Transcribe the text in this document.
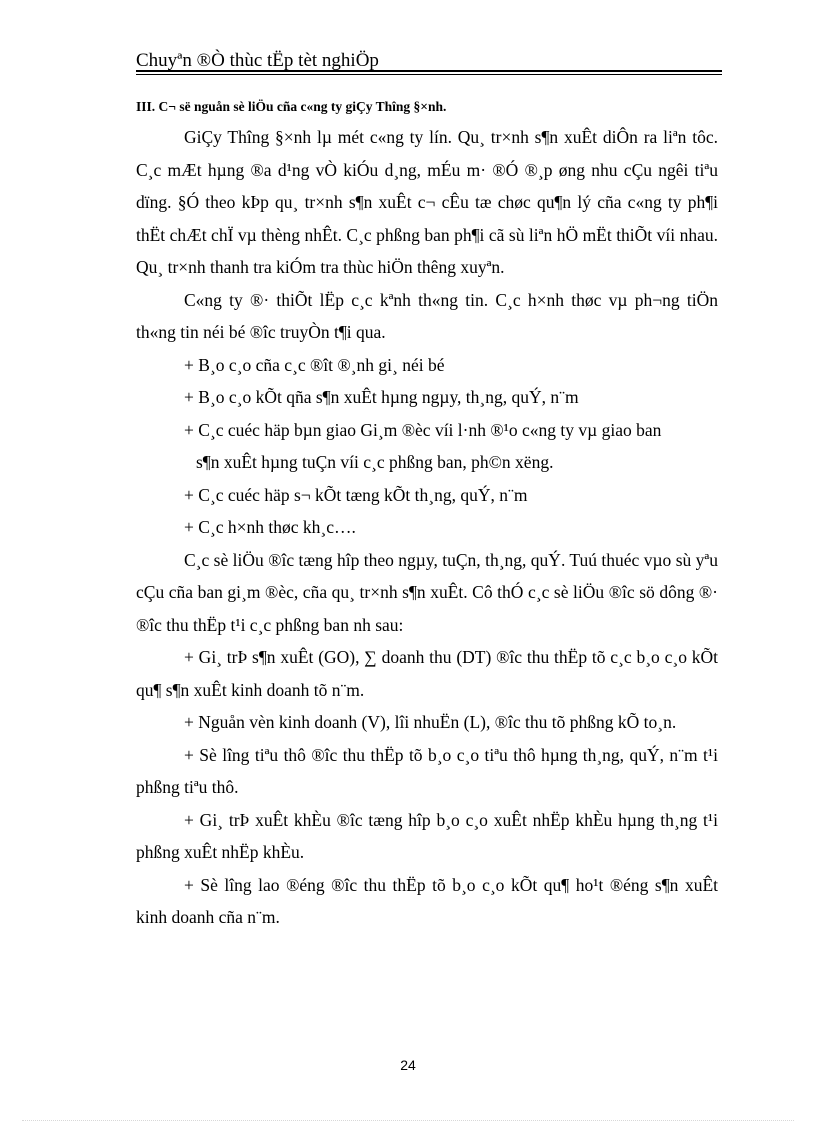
Chuyªn ®Ò thùc tËp tèt nghiÖp
III. C¬ së nguån sè liÖu cña c«ng ty giÇy Thîng §×nh.

GiÇy Thîng §×nh lµ mét c«ng ty lín. Qu¸ tr×nh s¶n xuÊt diÔn ra liªn tôc. C¸c mÆt hµng ®a d¹ng vÒ kiÓu d¸ng, mÉu m· ®Ó ®¸p øng nhu cÇu ngêi tiªu dïng. §Ó theo kÞp qu¸ tr×nh s¶n xuÊt c¬ cÊu tæ chøc qu¶n lý cña c«ng ty ph¶i thËt chÆt chÏ vµ thèng nhÊt. C¸c phßng ban ph¶i cã sù liªn hÖ mËt thiÕt víi nhau. Qu¸ tr×nh thanh tra kiÓm tra thùc hiÖn thêng xuyªn.

C«ng ty ®· thiÕt lËp c¸c kªnh th«ng tin. C¸c h×nh thøc vµ ph¬ng tiÖn th«ng tin néi bé ®îc truyÒn t¶i qua.

+ B¸o c¸o cña c¸c ®ît ®¸nh gi¸ néi bé

+ B¸o c¸o kÕt qña s¶n xuÊt hµng ngµy, th¸ng, quÝ, n¨m

+ C¸c cuéc häp bµn giao Gi¸m ®èc víi l·nh ®¹o c«ng ty vµ giao ban

s¶n xuÊt hµng tuÇn víi c¸c phßng ban, ph©n xëng.

+ C¸c cuéc häp s¬ kÕt tæng kÕt th¸ng, quÝ, n¨m

+ C¸c h×nh thøc kh¸c….

C¸c sè liÖu ®îc tæng hîp theo ngµy, tuÇn, th¸ng, quÝ. Tuú thuéc vµo sù yªu cÇu cña ban gi¸m ®èc, cña qu¸ tr×nh s¶n xuÊt. Cô thÓ c¸c sè liÖu ®îc sö dông ®· ®îc thu thËp t¹i c¸c phßng ban nh sau:

+ Gi¸ trÞ s¶n xuÊt (GO), ∑ doanh thu (DT) ®îc thu thËp tõ c¸c b¸o c¸o kÕt qu¶ s¶n xuÊt kinh doanh tõ n¨m.

+ Nguån vèn kinh doanh (V), lîi nhuËn (L), ®îc thu tõ phßng kÕ to¸n.

+ Sè lîng tiªu thô ®îc thu thËp tõ b¸o c¸o tiªu thô hµng th¸ng, quÝ, n¨m t¹i phßng tiªu thô.

+ Gi¸ trÞ xuÊt khÈu ®îc tæng hîp b¸o c¸o xuÊt nhËp khÈu hµng th¸ng t¹i phßng xuÊt nhËp khÈu.

+ Sè lîng lao ®éng ®îc thu thËp tõ b¸o c¸o kÕt qu¶ ho¹t ®éng s¶n xuÊt kinh doanh cña n¨m.

24
